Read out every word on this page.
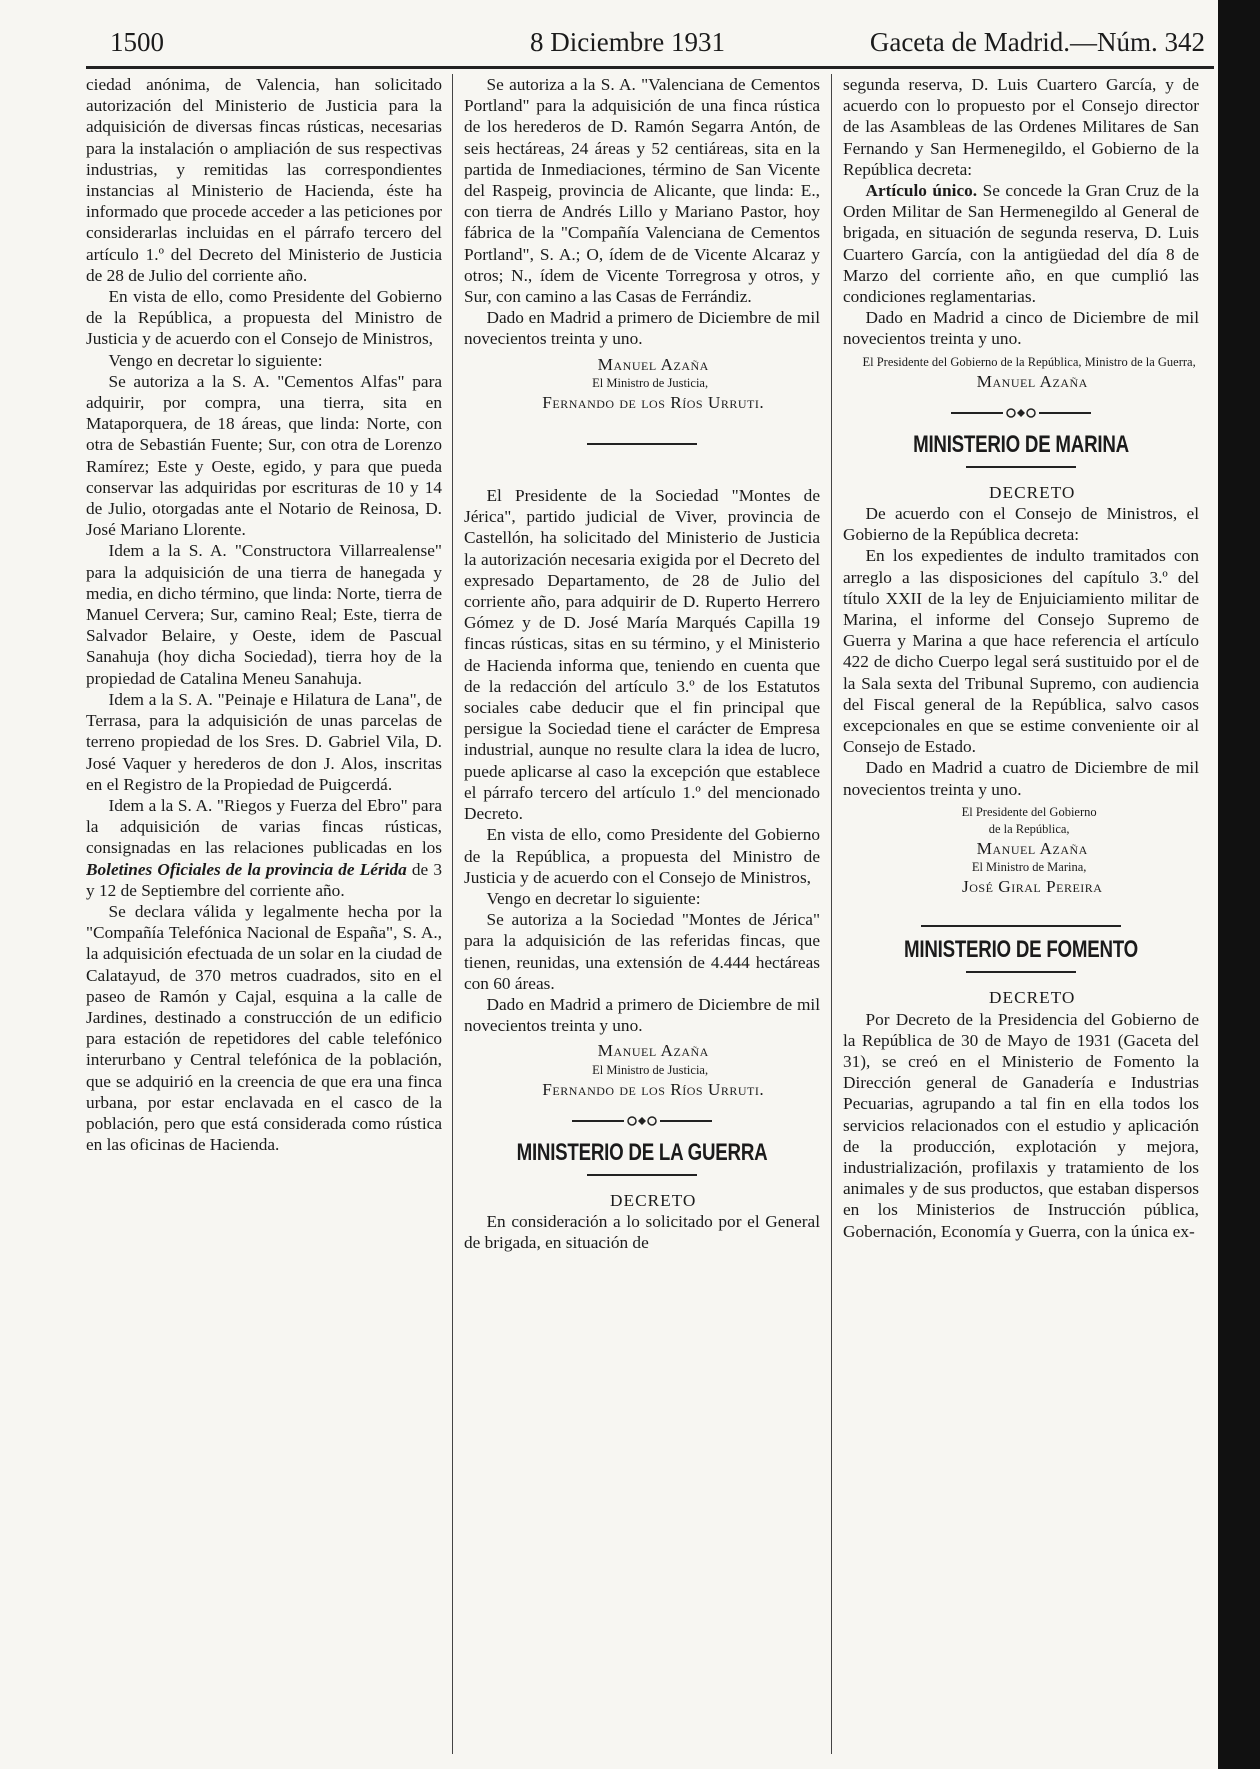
1500	8 Diciembre 1931	Gaceta de Madrid.—Núm. 342

ciedad anónima, de Valencia, han solicitado autorización del Ministerio de Justicia para la adquisición de diversas fincas rústicas, necesarias para la instalación o ampliación de sus respectivas industrias, y remitidas las correspondientes instancias al Ministerio de Hacienda, éste ha informado que procede acceder a las peticiones por considerarlas incluidas en el párrafo tercero del artículo 1.º del Decreto del Ministerio de Justicia de 28 de Julio del corriente año.

En vista de ello, como Presidente del Gobierno de la República, a propuesta del Ministro de Justicia y de acuerdo con el Consejo de Ministros,

Vengo en decretar lo siguiente:

Se autoriza a la S. A. "Cementos Alfas" para adquirir, por compra, una tierra, sita en Mataporquera, de 18 áreas, que linda: Norte, con otra de Sebastián Fuente; Sur, con otra de Lorenzo Ramírez; Este y Oeste, egido, y para que pueda conservar las adquiridas por escrituras de 10 y 14 de Julio, otorgadas ante el Notario de Reinosa, D. José Mariano Llorente.

Idem a la S. A. "Constructora Villarrealense" para la adquisición de una tierra de hanegada y media, en dicho término, que linda: Norte, tierra de Manuel Cervera; Sur, camino Real; Este, tierra de Salvador Belaire, y Oeste, idem de Pascual Sanahuja (hoy dicha Sociedad), tierra hoy de la propiedad de Catalina Meneu Sanahuja.

Idem a la S. A. "Peinaje e Hilatura de Lana", de Terrasa, para la adquisición de unas parcelas de terreno propiedad de los Sres. D. Gabriel Vila, D. José Vaquer y herederos de don J. Alos, inscritas en el Registro de la Propiedad de Puigcerdá.

Idem a la S. A. "Riegos y Fuerza del Ebro" para la adquisición de varias fincas rústicas, consignadas en las relaciones publicadas en los Boletines Oficiales de la provincia de Lérida de 3 y 12 de Septiembre del corriente año.

Se declara válida y legalmente hecha por la "Compañía Telefónica Nacional de España", S. A., la adquisición efectuada de un solar en la ciudad de Calatayud, de 370 metros cuadrados, sito en el paseo de Ramón y Cajal, esquina a la calle de Jardines, destinado a construcción de un edificio para estación de repetidores del cable telefónico interurbano y Central telefónica de la población, que se adquirió en la creencia de que era una finca urbana, por estar enclavada en el casco de la población, pero que está considerada como rústica en las oficinas de Hacienda.

Se autoriza a la S. A. "Valenciana de Cementos Portland" para la adquisición de una finca rústica de los herederos de D. Ramón Segarra Antón, de seis hectáreas, 24 áreas y 52 centiáreas, sita en la partida de Inmediaciones, término de San Vicente del Raspeig, provincia de Alicante, que linda: E., con tierra de Andrés Lillo y Mariano Pastor, hoy fábrica de la "Compañía Valenciana de Cementos Portland", S. A.; O, ídem de de Vicente Alcaraz y otros; N., ídem de Vicente Torregrosa y otros, y Sur, con camino a las Casas de Ferrándiz.

Dado en Madrid a primero de Diciembre de mil novecientos treinta y uno.

Manuel Azaña

El Ministro de Justicia,

Fernando de los Ríos Urruti.

El Presidente de la Sociedad "Montes de Jérica", partido judicial de Viver, provincia de Castellón, ha solicitado del Ministerio de Justicia la autorización necesaria exigida por el Decreto del expresado Departamento, de 28 de Julio del corriente año, para adquirir de D. Ruperto Herrero Gómez y de D. José María Marqués Capilla 19 fincas rústicas, sitas en su término, y el Ministerio de Hacienda informa que, teniendo en cuenta que de la redacción del artículo 3.º de los Estatutos sociales cabe deducir que el fin principal que persigue la Sociedad tiene el carácter de Empresa industrial, aunque no resulte clara la idea de lucro, puede aplicarse al caso la excepción que establece el párrafo tercero del artículo 1.º del mencionado Decreto.

En vista de ello, como Presidente del Gobierno de la República, a propuesta del Ministro de Justicia y de acuerdo con el Consejo de Ministros,

Vengo en decretar lo siguiente:

Se autoriza a la Sociedad "Montes de Jérica" para la adquisición de las referidas fincas, que tienen, reunidas, una extensión de 4.444 hectáreas con 60 áreas.

Dado en Madrid a primero de Diciembre de mil novecientos treinta y uno.

Manuel Azaña

El Ministro de Justicia,

Fernando de los Ríos Urruti.

MINISTERIO DE LA GUERRA

DECRETO

En consideración a lo solicitado por el General de brigada, en situación de

segunda reserva, D. Luis Cuartero García, y de acuerdo con lo propuesto por el Consejo director de las Asambleas de las Ordenes Militares de San Fernando y San Hermenegildo, el Gobierno de la República decreta:

Artículo único. Se concede la Gran Cruz de la Orden Militar de San Hermenegildo al General de brigada, en situación de segunda reserva, D. Luis Cuartero García, con la antigüedad del día 8 de Marzo del corriente año, en que cumplió las condiciones reglamentarias.

Dado en Madrid a cinco de Diciembre de mil novecientos treinta y uno.

El Presidente del Gobierno de la República, Ministro de la Guerra,

Manuel Azaña

MINISTERIO DE MARINA

DECRETO

De acuerdo con el Consejo de Ministros, el Gobierno de la República decreta:

En los expedientes de indulto tramitados con arreglo a las disposiciones del capítulo 3.º del título XXII de la ley de Enjuiciamiento militar de Marina, el informe del Consejo Supremo de Guerra y Marina a que hace referencia el artículo 422 de dicho Cuerpo legal será sustituido por el de la Sala sexta del Tribunal Supremo, con audiencia del Fiscal general de la República, salvo casos excepcionales en que se estime conveniente oir al Consejo de Estado.

Dado en Madrid a cuatro de Diciembre de mil novecientos treinta y uno.

El Presidente del Gobierno

de la República,

Manuel Azaña

El Ministro de Marina,

José Giral Pereira

MINISTERIO DE FOMENTO

DECRETO

Por Decreto de la Presidencia del Gobierno de la República de 30 de Mayo de 1931 (Gaceta del 31), se creó en el Ministerio de Fomento la Dirección general de Ganadería e Industrias Pecuarias, agrupando a tal fin en ella todos los servicios relacionados con el estudio y aplicación de la producción, explotación y mejora, industrialización, profilaxis y tratamiento de los animales y de sus productos, que estaban dispersos en los Ministerios de Instrucción pública, Gobernación, Economía y Guerra, con la única ex-
